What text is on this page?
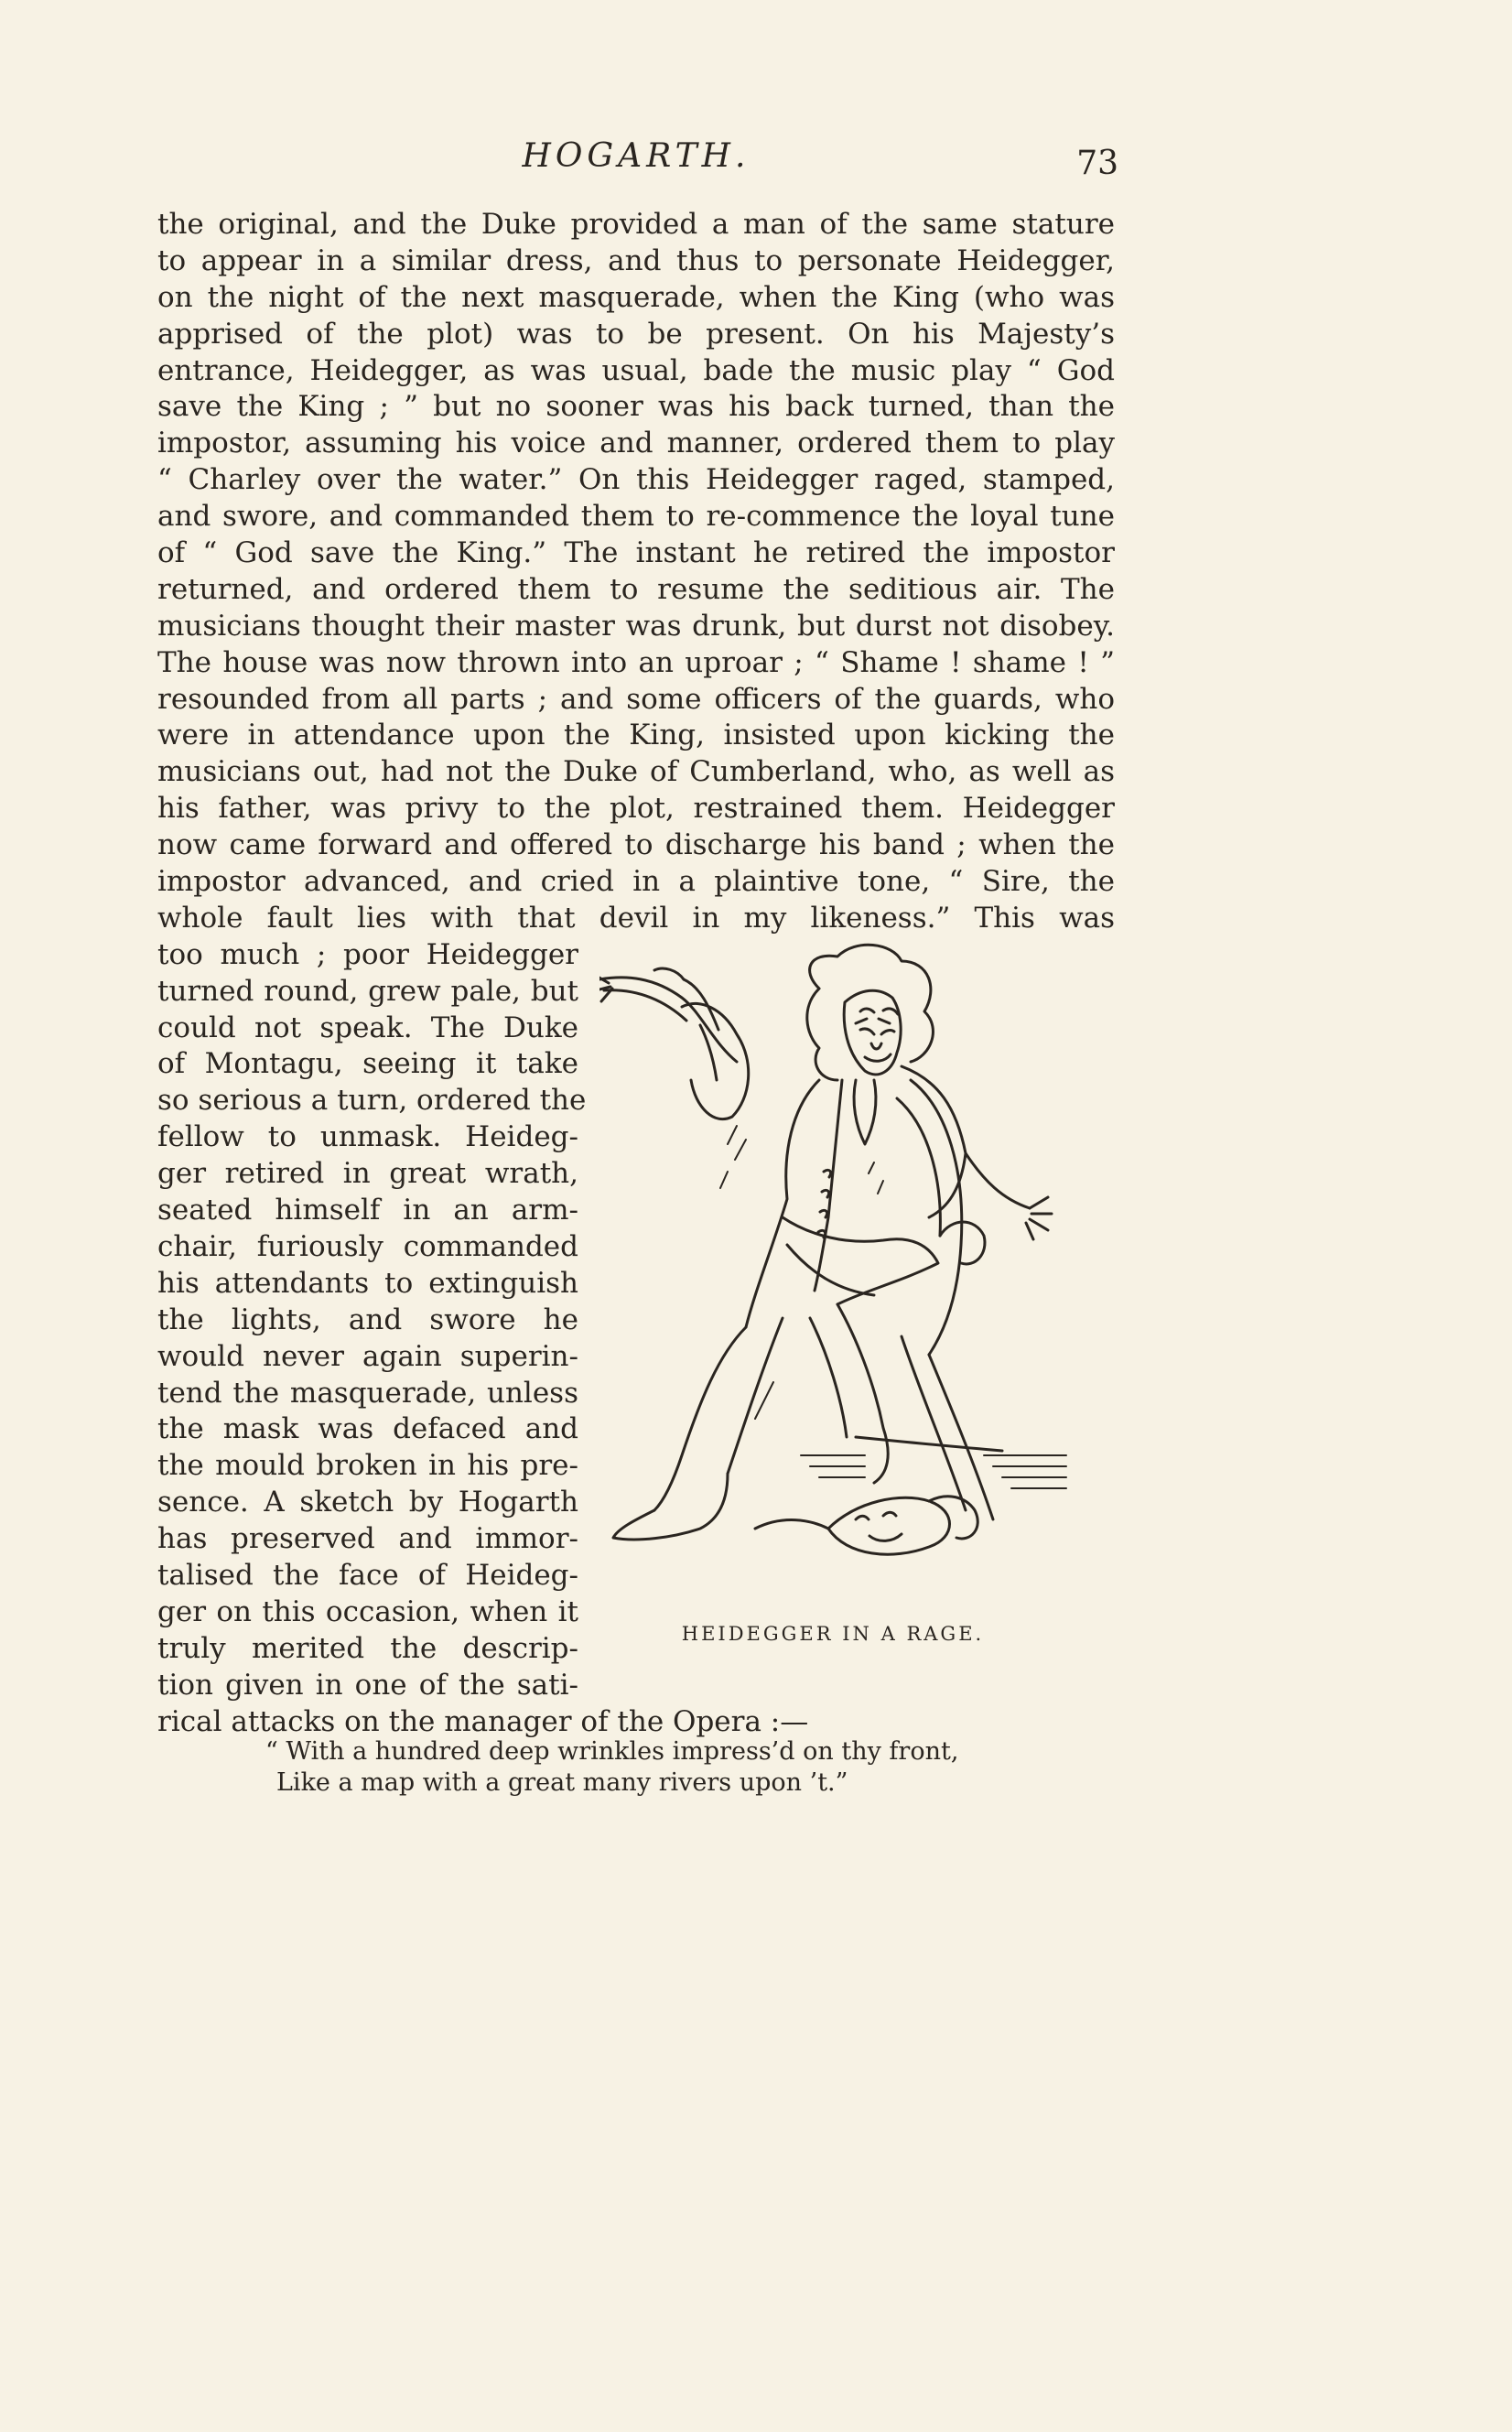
HOGARTH.	73
the original, and the Duke provided a man of the same stature
to appear in a similar dress, and thus to personate Heidegger,
on the night of the next masquerade, when the King (who was
apprised of the plot) was to be present. On his Majesty’s
entrance, Heidegger, as was usual, bade the music play “ God
save the King ; ” but no sooner was his back turned, than the
impostor, assuming his voice and manner, ordered them to play
“ Charley over the water.” On this Heidegger raged, stamped,
and swore, and commanded them to re-commence the loyal tune
of “ God save the King.” The instant he retired the impostor
returned, and ordered them to resume the seditious air. The
musicians thought their master was drunk, but durst not disobey.
The house was now thrown into an uproar ; “ Shame ! shame ! ”
resounded from all parts ; and some officers of the guards, who
were in attendance upon the King, insisted upon kicking the
musicians out, had not the Duke of Cumberland, who, as well as
his father, was privy to the plot, restrained them. Heidegger
now came forward and offered to discharge his band ; when the
impostor advanced, and cried in a plaintive tone, “ Sire, the
whole fault lies with that devil in my likeness.” This was
too much ; poor Heidegger
turned round, grew pale, but
could not speak. The Duke
of Montagu, seeing it take
so serious a turn, ordered the
fellow to unmask. Heideg-
ger retired in great wrath,
seated himself in an arm-
chair, furiously commanded
his attendants to extinguish
the lights, and swore he
would never again superin-
tend the masquerade, unless
the mask was defaced and
the mould broken in his pre-
sence. A sketch by Hogarth
has preserved and immor-
talised the face of Heideg-
ger on this occasion, when it
truly merited the descrip-
tion given in one of the sati-
rical attacks on the manager of the Opera :—
HEIDEGGER IN A RAGE.
“ With a hundred deep wrinkles impress’d on thy front,
Like a map with a great many rivers upon ’t.”
